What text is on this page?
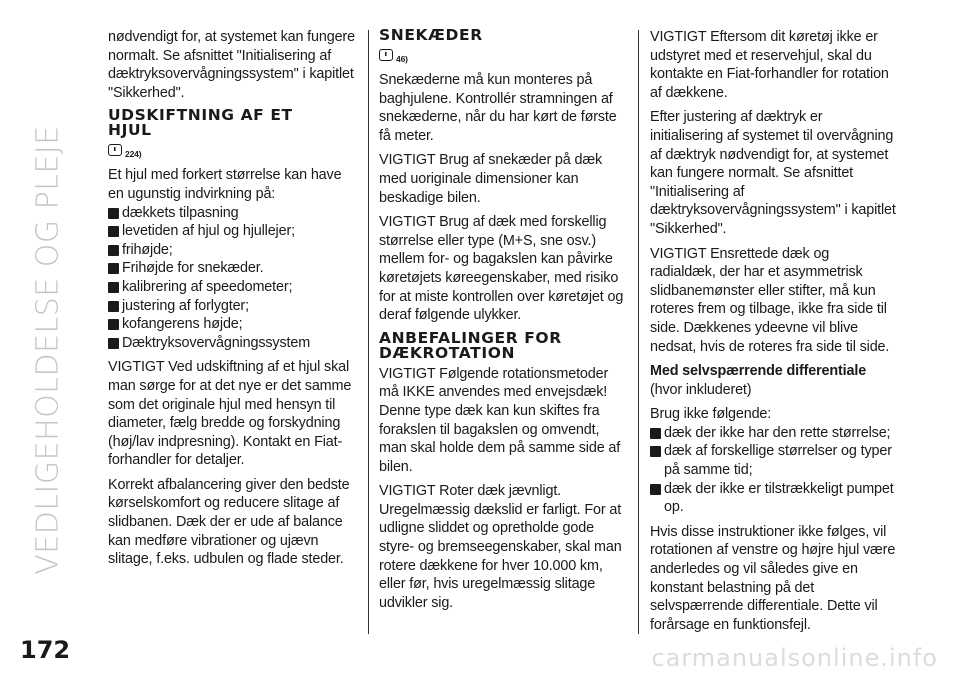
VEDLIGEHOLDELSE OG PLEJE
172

nødvendigt for, at systemet kan fungere normalt. Se afsnittet "Initialisering af dæktryksovervågningssystem" i kapitlet "Sikkerhed".

UDSKIFTNING AF ET HJUL
224)

Et hjul med forkert størrelse kan have en ugunstig indvirkning på:

dækkets tilpasning
levetiden af hjul og hjullejer;
frihøjde;
Frihøjde for snekæder.
kalibrering af speedometer;
justering af forlygter;
kofangerens højde;
Dæktryksovervågningssystem

VIGTIGT Ved udskiftning af et hjul skal man sørge for at det nye er det samme som det originale hjul med hensyn til diameter, fælg bredde og forskydning (høj/lav indpresning). Kontakt en Fiat-forhandler for detaljer.

Korrekt afbalancering giver den bedste kørselskomfort og reducere slitage af slidbanen. Dæk der er ude af balance kan medføre vibrationer og ujævn slitage, f.eks. udbulen og flade steder.

SNEKÆDER
46)

Snekæderne må kun monteres på baghjulene. Kontrollér stramningen af snekæderne, når du har kørt de første få meter.

VIGTIGT Brug af snekæder på dæk med uoriginale dimensioner kan beskadige bilen.

VIGTIGT Brug af dæk med forskellig størrelse eller type (M+S, sne osv.) mellem for- og bagakslen kan påvirke køretøjets køreegenskaber, med risiko for at miste kontrollen over køretøjet og deraf følgende ulykker.

ANBEFALINGER FOR DÆKROTATION

VIGTIGT Følgende rotationsmetoder må IKKE anvendes med envejsdæk! Denne type dæk kan kun skiftes fra forakslen til bagakslen og omvendt, man skal holde dem på samme side af bilen.

VIGTIGT Roter dæk jævnligt. Uregelmæssig dækslid er farligt. For at udligne sliddet og opretholde gode styre- og bremseegenskaber, skal man rotere dækkene for hver 10.000 km, eller før, hvis uregelmæssig slitage udvikler sig.

VIGTIGT Eftersom dit køretøj ikke er udstyret med et reservehjul, skal du kontakte en Fiat-forhandler for rotation af dækkene.

Efter justering af dæktryk er initialisering af systemet til overvågning af dæktryk nødvendigt for, at systemet kan fungere normalt. Se afsnittet "Initialisering af dæktryksovervågningssystem" i kapitlet "Sikkerhed".

VIGTIGT Ensrettede dæk og radialdæk, der har et asymmetrisk slidbanemønster eller stifter, må kun roteres frem og tilbage, ikke fra side til side. Dækkenes ydeevne vil blive nedsat, hvis de roteres fra side til side.

Med selvspærrende differentiale

(hvor inkluderet)

Brug ikke følgende:

dæk der ikke har den rette størrelse;
dæk af forskellige størrelser og typer på samme tid;
dæk der ikke er tilstrækkeligt pumpet op.

Hvis disse instruktioner ikke følges, vil rotationen af venstre og højre hjul være anderledes og vil således give en konstant belastning på det selvspærrende differentiale. Dette vil forårsage en funktionsfejl.

carmanualsonline.info
